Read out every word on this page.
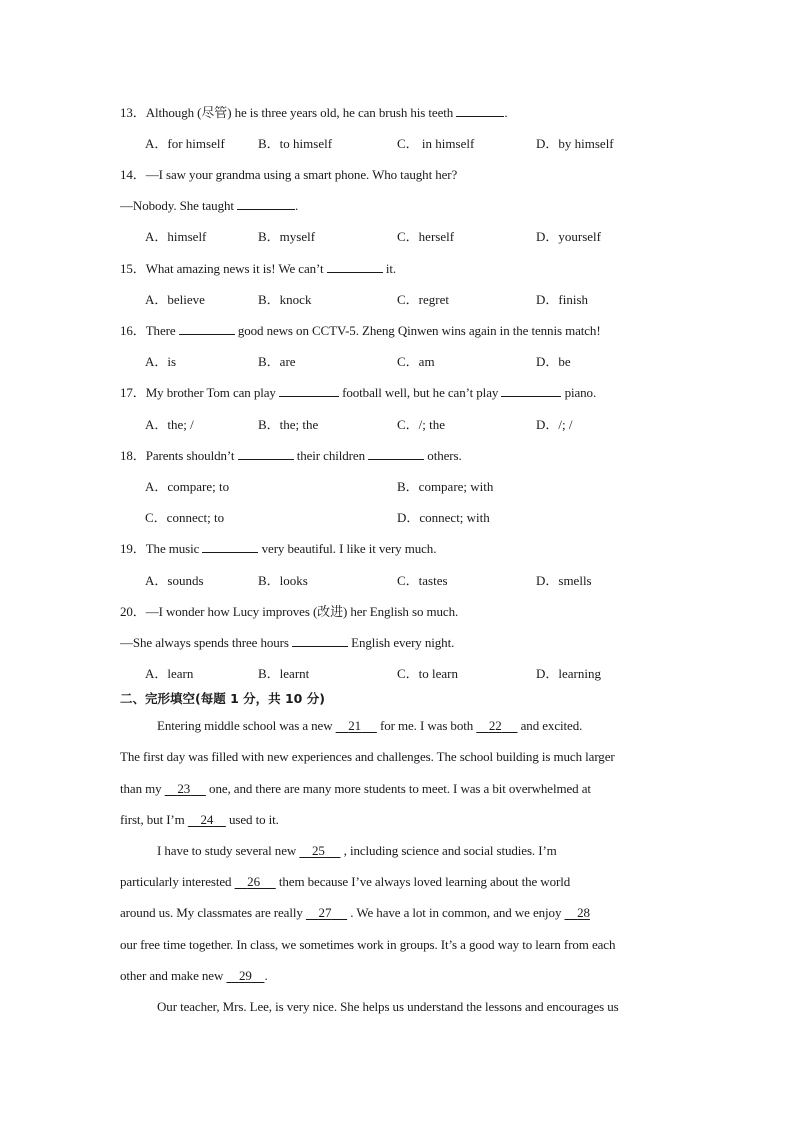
13．Although (尽管) he is three years old, he can brush his teeth	.
A．for himself	B．to himself	C． in himself	D．by himself
14．—I saw your grandma using a smart phone. Who taught her?
—Nobody. She taught	.
A．himself	B．myself	C．herself	D．yourself
15．What amazing news it is! We can’t	it.
A．believe	B．knock	C．regret	D．finish
16．There	good news on CCTV-5. Zheng Qinwen wins again in the tennis match!
A．is	B．are	C．am	D．be
17．My brother Tom can play	football well, but he can’t play	piano.
A．the; /	B．the; the	C．/; the	D．/; /
18．Parents shouldn’t	their children	others.
A．compare; to	B．compare; with
C．connect; to	D．connect; with
19．The music	very beautiful. I like it very much.
A．sounds	B．looks	C．tastes	D．smells
20．—I wonder how Lucy improves (改进) her English so much.
—She always spends three hours	English every night.
A．learn	B．learnt	C．to learn	D．learning
二、完形填空(每题 1 分，共 10 分)
Entering middle school was a new     21      for me. I was both     22      and excited.
The first day was filled with new experiences and challenges. The school building is much larger
than my     23      one, and there are many more students to meet. I was a bit overwhelmed at
first, but I’m     24     used to it.
I have to study several new     25      , including science and social studies. I’m
particularly interested     26      them because I’ve always loved learning about the world
around us. My classmates are really     27      . We have a lot in common, and we enjoy     28
our free time together. In class, we sometimes work in groups. It’s a good way to learn from each
other and make new     29 .
Our teacher, Mrs. Lee, is very nice. She helps us understand the lessons and encourages us
